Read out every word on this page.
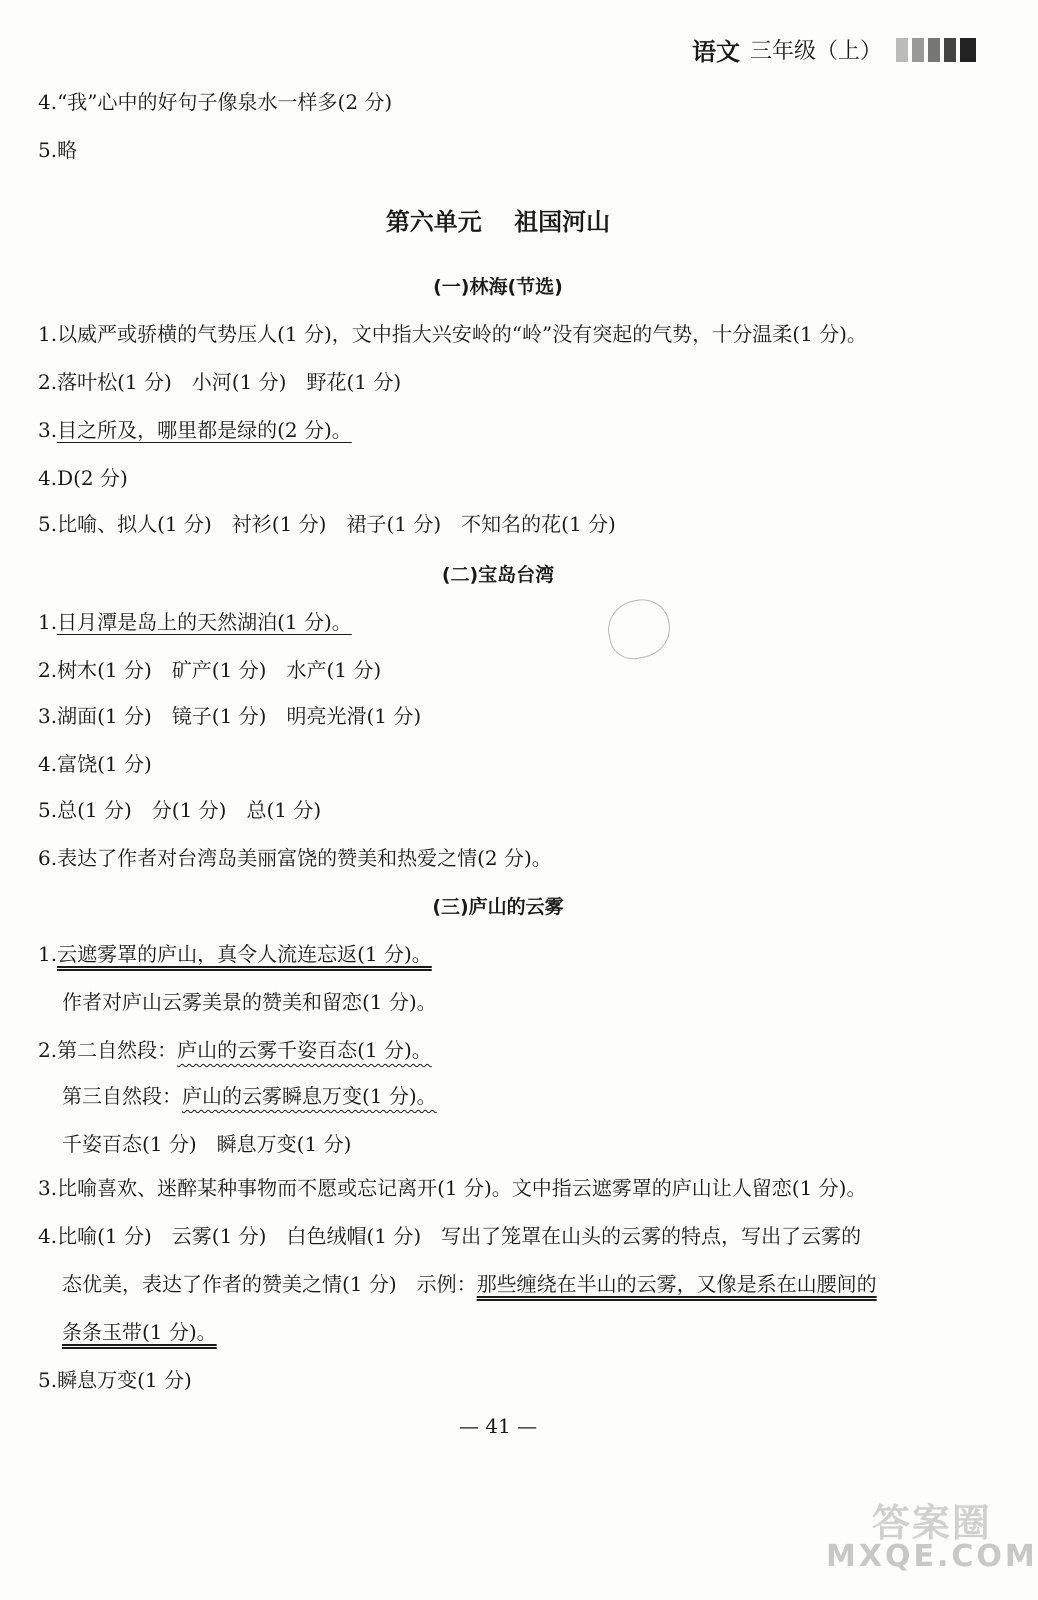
语文 三年级（上）
4.“我”心中的好句子像泉水一样多(2 分)
5.略
第六单元 祖国河山
(一)林海(节选)
1.以威严或骄横的气势压人(1 分)，文中指大兴安岭的“岭”没有突起的气势，十分温柔(1 分)。
2.落叶松(1 分)　小河(1 分)　野花(1 分)
3.目之所及，哪里都是绿的(2 分)。
4.D(2 分)
5.比喻、拟人(1 分)　衬衫(1 分)　裙子(1 分)　不知名的花(1 分)
(二)宝岛台湾
1.日月潭是岛上的天然湖泊(1 分)。
2.树木(1 分)　矿产(1 分)　水产(1 分)
3.湖面(1 分)　镜子(1 分)　明亮光滑(1 分)
4.富饶(1 分)
5.总(1 分)　分(1 分)　总(1 分)
6.表达了作者对台湾岛美丽富饶的赞美和热爱之情(2 分)。
(三)庐山的云雾
1.云遮雾罩的庐山，真令人流连忘返(1 分)。
作者对庐山云雾美景的赞美和留恋(1 分)。
2.第二自然段：庐山的云雾千姿百态(1 分)。
第三自然段：庐山的云雾瞬息万变(1 分)。
千姿百态(1 分)　瞬息万变(1 分)
3.比喻喜欢、迷醉某种事物而不愿或忘记离开(1 分)。文中指云遮雾罩的庐山让人留恋(1 分)。
4.比喻(1 分)　云雾(1 分)　白色绒帽(1 分)　写出了笼罩在山头的云雾的特点，写出了云雾的
态优美，表达了作者的赞美之情(1 分)　示例：那些缠绕在半山的云雾，又像是系在山腰间的
条条玉带(1 分)。
5.瞬息万变(1 分)

— 41 —
答案圈
MXQE.COM
